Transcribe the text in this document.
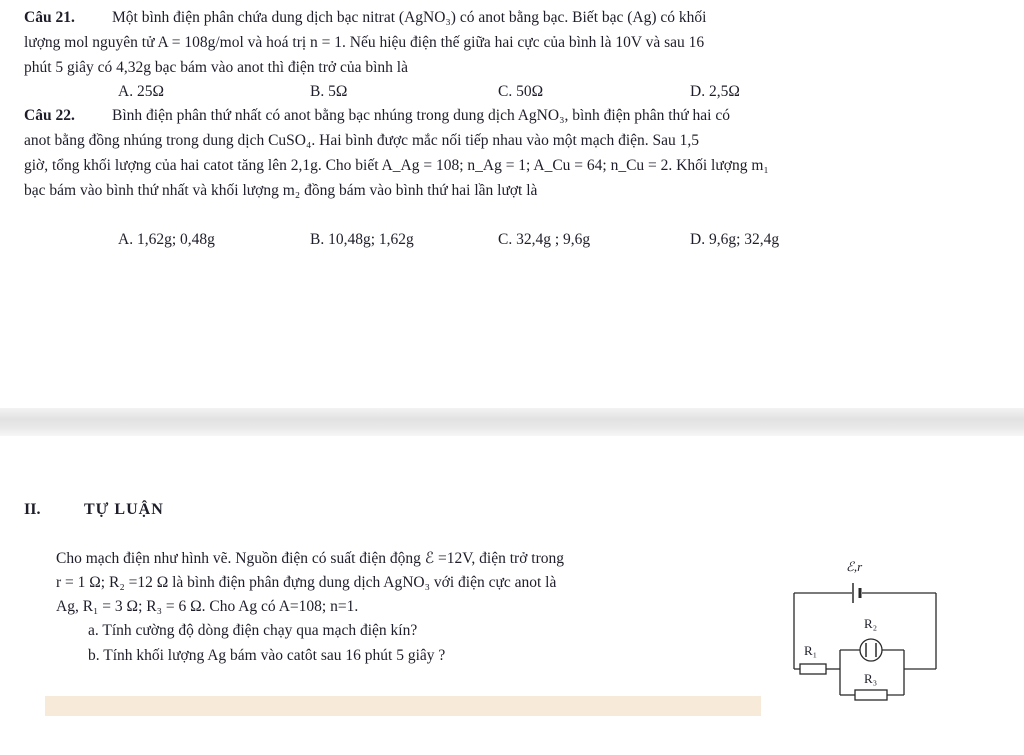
Câu 21. Một bình điện phân chứa dung dịch bạc nitrat (AgNO₃) có anot bằng bạc. Biết bạc (Ag) có khối
lượng mol nguyên tử A = 108g/mol và hoá trị n = 1. Nếu hiệu điện thế giữa hai cực của bình là 10V và sau 16
phút 5 giây có 4,32g bạc bám vào anot thì điện trở của bình là
A. 25Ω	B. 5Ω	C. 50Ω	D. 2,5Ω
Câu 22. Bình điện phân thứ nhất có anot bằng bạc nhúng trong dung dịch AgNO₃, bình điện phân thứ hai có
anot bằng đồng nhúng trong dung dịch CuSO₄. Hai bình được mắc nối tiếp nhau vào một mạch điện. Sau 1,5
giờ, tổng khối lượng của hai catot tăng lên 2,1g. Cho biết A_Ag = 108; n_Ag = 1; A_Cu = 64; n_Cu = 2. Khối lượng m₁
bạc bám vào bình thứ nhất và khối lượng m₂ đồng bám vào bình thứ hai lần lượt là
A. 1,62g; 0,48g	B. 10,48g; 1,62g	C. 32,4g ; 9,6g	D. 9,6g; 32,4g
II.	TỰ LUẬN
Cho mạch điện như hình vẽ. Nguồn điện có suất điện động ℰ =12V, điện trở trong
r = 1 Ω; R₂ =12 Ω là bình điện phân đựng dung dịch AgNO₃ với điện cực anot là
Ag, R₁ = 3 Ω; R₃ = 6 Ω. Cho Ag có A=108; n=1.
a. Tính cường độ dòng điện chạy qua mạch điện kín?
b. Tính khối lượng Ag bám vào catôt sau 16 phút 5 giây ?
ℰ,r
R₂
R₁
R₃
